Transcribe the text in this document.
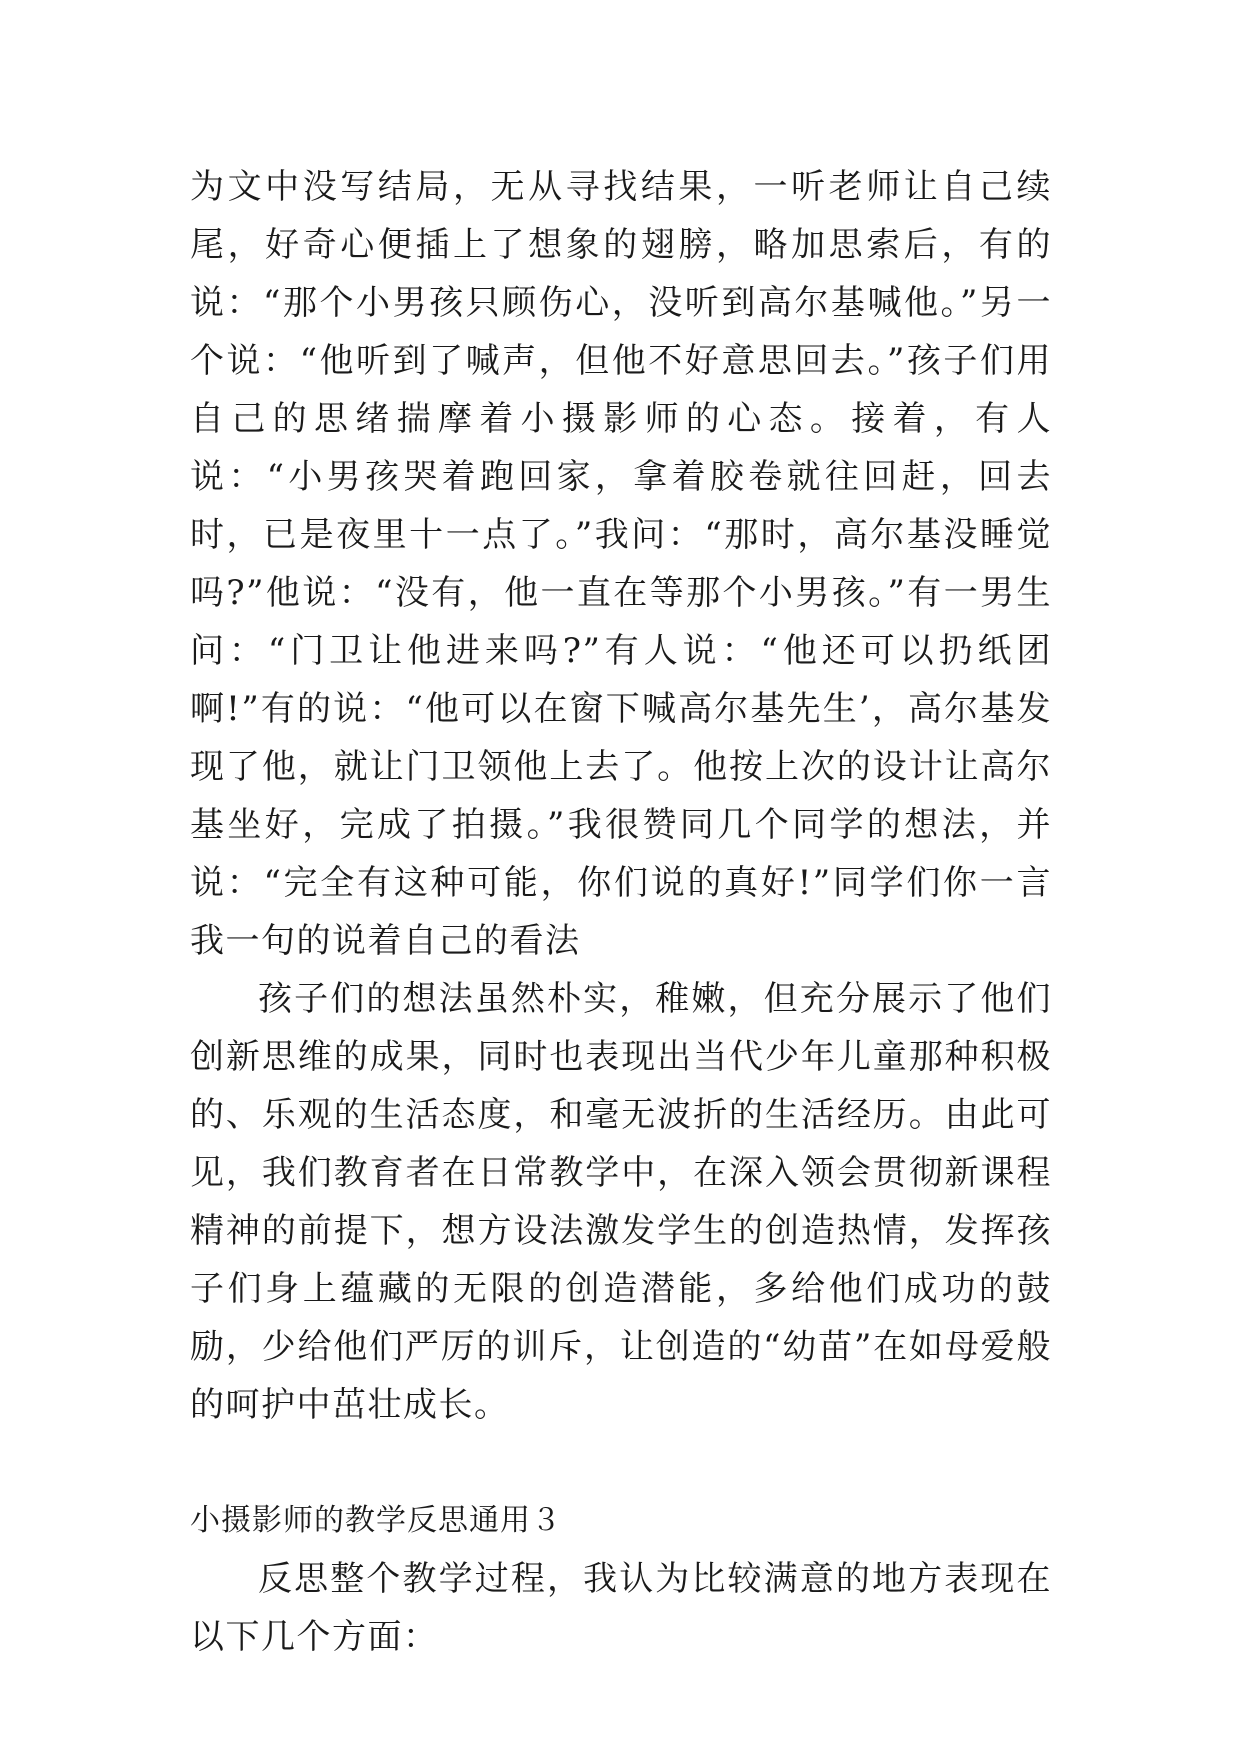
为文中没写结局，无从寻找结果，一听老师让自己续尾，好奇心便插上了想象的翅膀，略加思索后，有的说：“那个小男孩只顾伤心，没听到高尔基喊他。”另一个说：“他听到了喊声，但他不好意思回去。”孩子们用自己的思绪揣摩着小摄影师的心态。接着，有人说：“小男孩哭着跑回家，拿着胶卷就往回赶，回去时，已是夜里十一点了。”我问：“那时，高尔基没睡觉吗?”他说：“没有，他一直在等那个小男孩。”有一男生问：“门卫让他进来吗?”有人说：“他还可以扔纸团啊!”有的说：“他可以在窗下喊高尔基先生’，高尔基发现了他，就让门卫领他上去了。他按上次的设计让高尔基坐好，完成了拍摄。”我很赞同几个同学的想法，并说：“完全有这种可能，你们说的真好!”同学们你一言我一句的说着自己的看法

孩子们的想法虽然朴实，稚嫩，但充分展示了他们创新思维的成果，同时也表现出当代少年儿童那种积极的、乐观的生活态度，和毫无波折的生活经历。由此可见，我们教育者在日常教学中，在深入领会贯彻新课程精神的前提下，想方设法激发学生的创造热情，发挥孩子们身上蕴藏的无限的创造潜能，多给他们成功的鼓励，少给他们严厉的训斥，让创造的“幼苗”在如母爱般的呵护中茁壮成长。

小摄影师的教学反思通用３

反思整个教学过程，我认为比较满意的地方表现在以下几个方面：
